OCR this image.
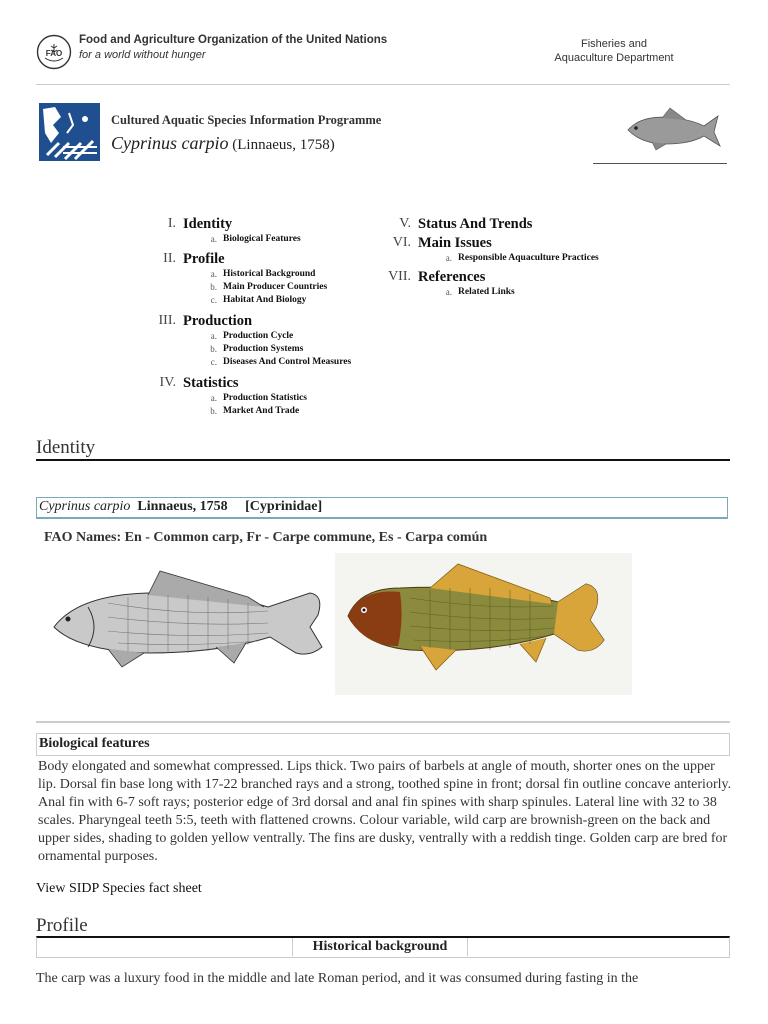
FAO
Food and Agriculture Organization of the United Nations
for a world without hunger
Fisheries and
Aquaculture Department
Cultured Aquatic Species Information Programme
Cyprinus carpio (Linnaeus, 1758)
I. Identity
a. Biological Features
II. Profile
a. Historical Background
b. Main Producer Countries
c. Habitat And Biology
III. Production
a. Production Cycle
b. Production Systems
c. Diseases And Control Measures
IV. Statistics
a. Production Statistics
b. Market And Trade
V. Status And Trends
VI. Main Issues
a. Responsible Aquaculture Practices
VII. References
a. Related Links
Identity
Cyprinus carpio Linnaeus, 1758 [Cyprinidae]
FAO Names: En - Common carp, Fr - Carpe commune, Es - Carpa común
Biological features
Body elongated and somewhat compressed. Lips thick. Two pairs of barbels at angle of mouth, shorter ones on the upper lip. Dorsal fin base long with 17-22 branched rays and a strong, toothed spine in front; dorsal fin outline concave anteriorly. Anal fin with 6-7 soft rays; posterior edge of 3rd dorsal and anal fin spines with sharp spinules. Lateral line with 32 to 38 scales. Pharyngeal teeth 5:5, teeth with flattened crowns. Colour variable, wild carp are brownish-green on the back and upper sides, shading to golden yellow ventrally. The fins are dusky, ventrally with a reddish tinge. Golden carp are bred for ornamental purposes.
View SIDP Species fact sheet
Profile
Historical background
The carp was a luxury food in the middle and late Roman period, and it was consumed during fasting in the
